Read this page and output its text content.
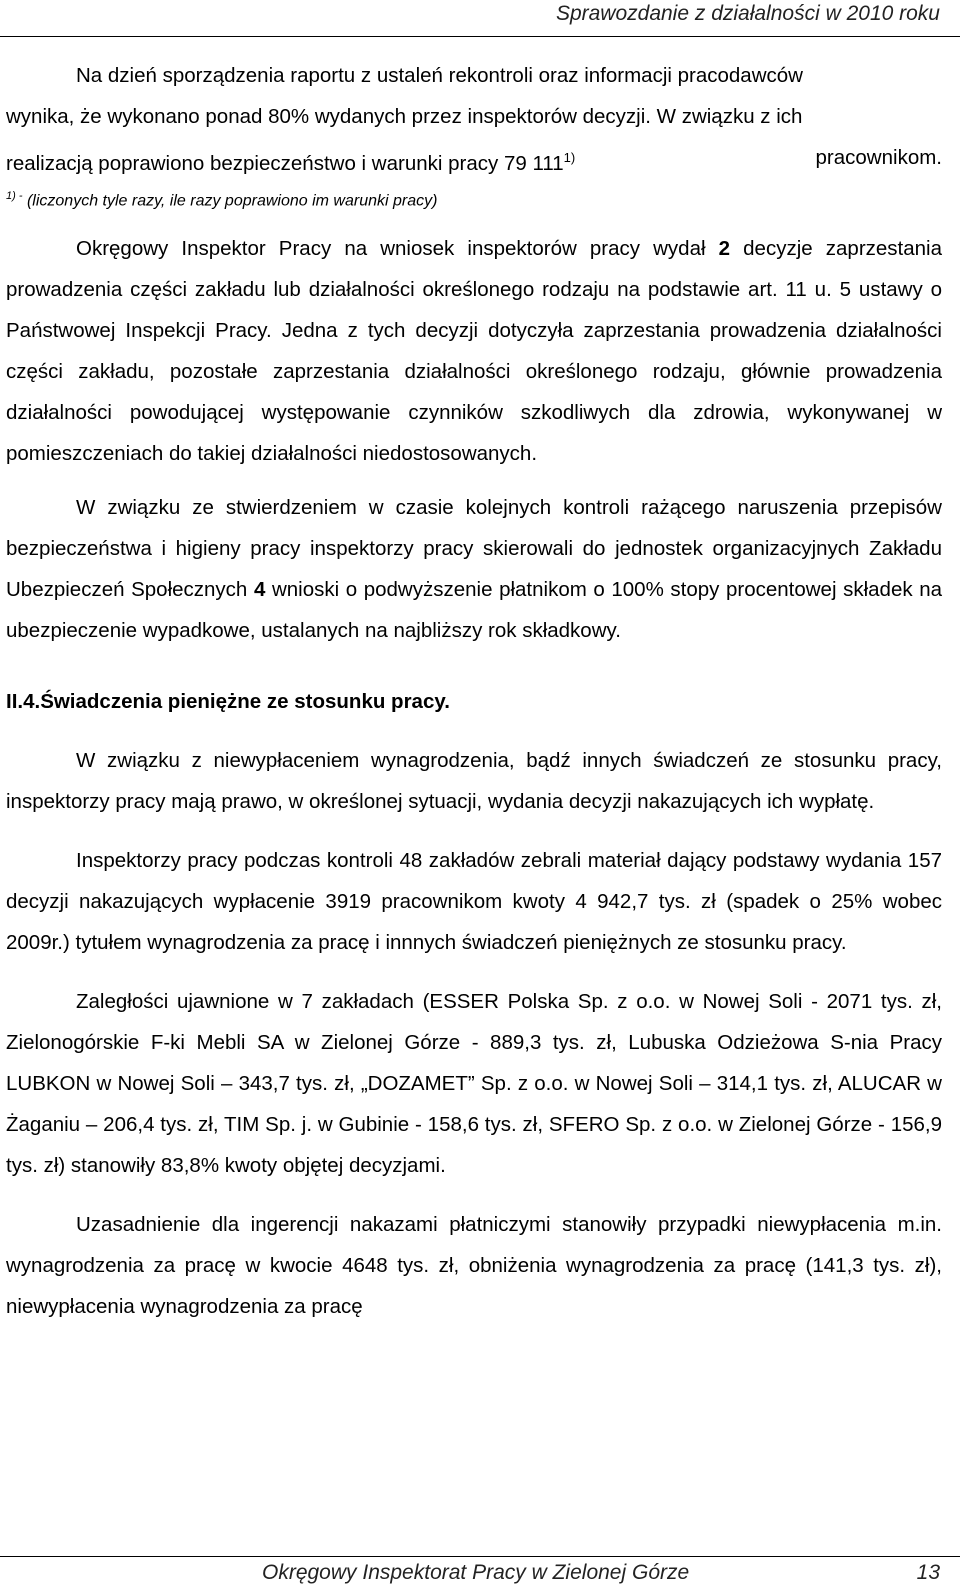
Sprawozdanie z działalności w 2010 roku

Na dzień sporządzenia raportu z ustaleń rekontroli oraz informacji pracodawców

wynika, że wykonano ponad 80% wydanych przez inspektorów decyzji. W związku z ich

realizacją poprawiono bezpieczeństwo i warunki pracy 79 111$^{1)}$	pracownikom.

$^{1) -}$ (liczonych tyle razy, ile razy poprawiono im warunki pracy)

Okręgowy Inspektor Pracy na wniosek inspektorów pracy wydał 2 decyzje zaprzestania prowadzenia części zakładu lub działalności określonego rodzaju na podstawie art. 11 u. 5 ustawy o Państwowej Inspekcji Pracy. Jedna z tych decyzji dotyczyła zaprzestania prowadzenia działalności części zakładu, pozostałe zaprzestania działalności określonego rodzaju, głównie prowadzenia działalności powodującej występowanie czynników szkodliwych dla zdrowia, wykonywanej w pomieszczeniach do takiej działalności niedostosowanych.

W związku ze stwierdzeniem w czasie kolejnych kontroli rażącego naruszenia przepisów bezpieczeństwa i higieny pracy inspektorzy pracy skierowali do jednostek organizacyjnych Zakładu Ubezpieczeń Społecznych 4 wnioski o podwyższenie płatnikom o 100% stopy procentowej składek na ubezpieczenie wypadkowe, ustalanych na najbliższy rok składkowy.

II.4.Świadczenia pieniężne ze stosunku pracy.

W związku z niewypłaceniem wynagrodzenia, bądź innych świadczeń ze stosunku pracy, inspektorzy pracy mają prawo, w określonej sytuacji, wydania decyzji nakazujących ich wypłatę.

Inspektorzy pracy podczas kontroli 48 zakładów zebrali materiał dający podstawy wydania 157 decyzji nakazujących wypłacenie 3919 pracownikom kwoty 4 942,7 tys. zł (spadek o 25% wobec 2009r.) tytułem wynagrodzenia za pracę i innnych świadczeń pieniężnych ze stosunku pracy.

Zaległości ujawnione w 7 zakładach (ESSER Polska Sp. z o.o. w Nowej Soli - 2071 tys. zł, Zielonogórskie F-ki Mebli SA w Zielonej Górze - 889,3 tys. zł, Lubuska Odzieżowa S-nia Pracy LUBKON w Nowej Soli – 343,7 tys. zł, „DOZAMET” Sp. z o.o. w Nowej Soli – 314,1 tys. zł, ALUCAR w Żaganiu – 206,4 tys. zł, TIM Sp. j. w Gubinie - 158,6 tys. zł, SFERO Sp. z o.o. w Zielonej Górze - 156,9 tys. zł) stanowiły 83,8% kwoty objętej decyzjami.

Uzasadnienie dla ingerencji nakazami płatniczymi stanowiły przypadki niewypłacenia m.in. wynagrodzenia za pracę w kwocie 4648 tys. zł, obniżenia wynagrodzenia za pracę (141,3 tys. zł), niewypłacenia wynagrodzenia za pracę

Okręgowy Inspektorat Pracy w Zielonej Górze	13
